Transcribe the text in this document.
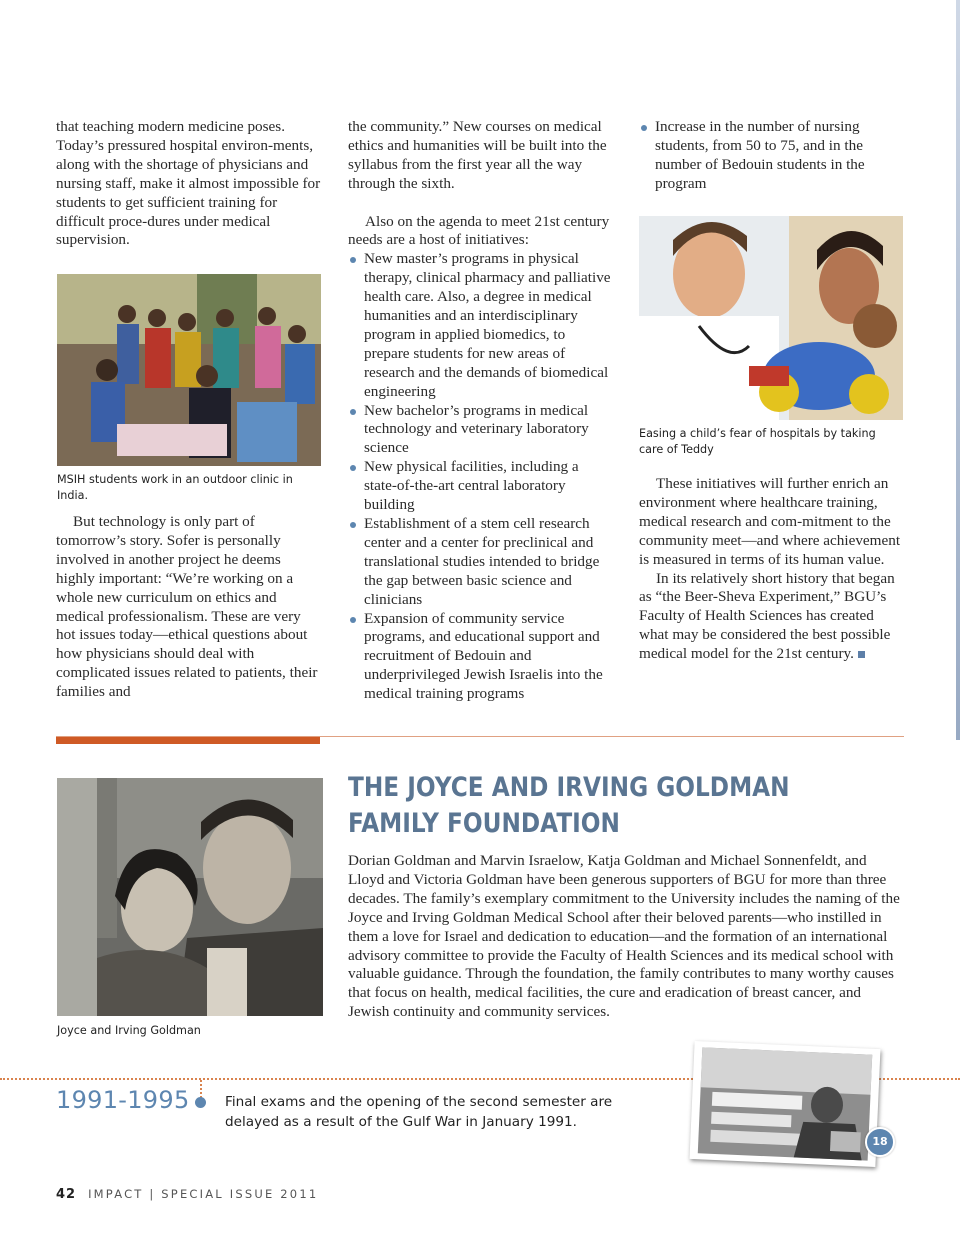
that teaching modern medicine poses. Today’s pressured hospital environ-ments, along with the shortage of physicians and nursing staff, make it almost impossible for students to get sufficient training for difficult proce-dures under medical supervision.

MSIH students work in an outdoor clinic in India.

But technology is only part of tomorrow’s story. Sofer is personally involved in another project he deems highly important: “We’re working on a whole new curriculum on ethics and medical professionalism. These are very hot issues today—ethical questions about how physicians should deal with complicated issues related to patients, their families and

the community.” New courses on medical ethics and humanities will be built into the syllabus from the first year all the way through the sixth.

Also on the agenda to meet 21st century needs are a host of initiatives:

New master’s programs in physical therapy, clinical pharmacy and palliative health care. Also, a degree in medical humanities and an interdisciplinary program in applied biomedics, to prepare students for new areas of research and the demands of biomedical engineering
New bachelor’s programs in medical technology and veterinary laboratory science
New physical facilities, including a state-of-the-art central laboratory building
Establishment of a stem cell research center and a center for preclinical and translational studies intended to bridge the gap between basic science and clinicians
Expansion of community service programs, and educational support and recruitment of Bedouin and underprivileged Jewish Israelis into the medical training programs
Increase in the number of nursing students, from 50 to 75, and in the number of Bedouin students in the program
Easing a child’s fear of hospitals by taking care of Teddy

These initiatives will further enrich an environment where healthcare training, medical research and com-mitment to the community meet—and where achievement is measured in terms of its human value.

In its relatively short history that began as “the Beer-Sheva Experiment,” BGU’s Faculty of Health Sciences has created what may be considered the best possible medical model for the 21st century.

Joyce and Irving Goldman
THE JOYCE AND IRVING GOLDMAN FAMILY FOUNDATION

Dorian Goldman and Marvin Israelow, Katja Goldman and Michael Sonnenfeldt, and Lloyd and Victoria Goldman have been generous supporters of BGU for more than three decades. The family’s exemplary commitment to the University includes the naming of the Joyce and Irving Goldman Medical School after their beloved parents—who instilled in them a love for Israel and dedication to education—and the formation of an international advisory committee to provide the Faculty of Health Sciences and its medical school with valuable guidance. Through the foundation, the family contributes to many worthy causes that focus on health, medical facilities, the cure and eradication of breast cancer, and Jewish continuity and community services.

1991-1995	Final exams and the opening of the second semester are delayed as a result of the Gulf War in January 1991.
18
42 IMPACT | SPECIAL ISSUE 2011
